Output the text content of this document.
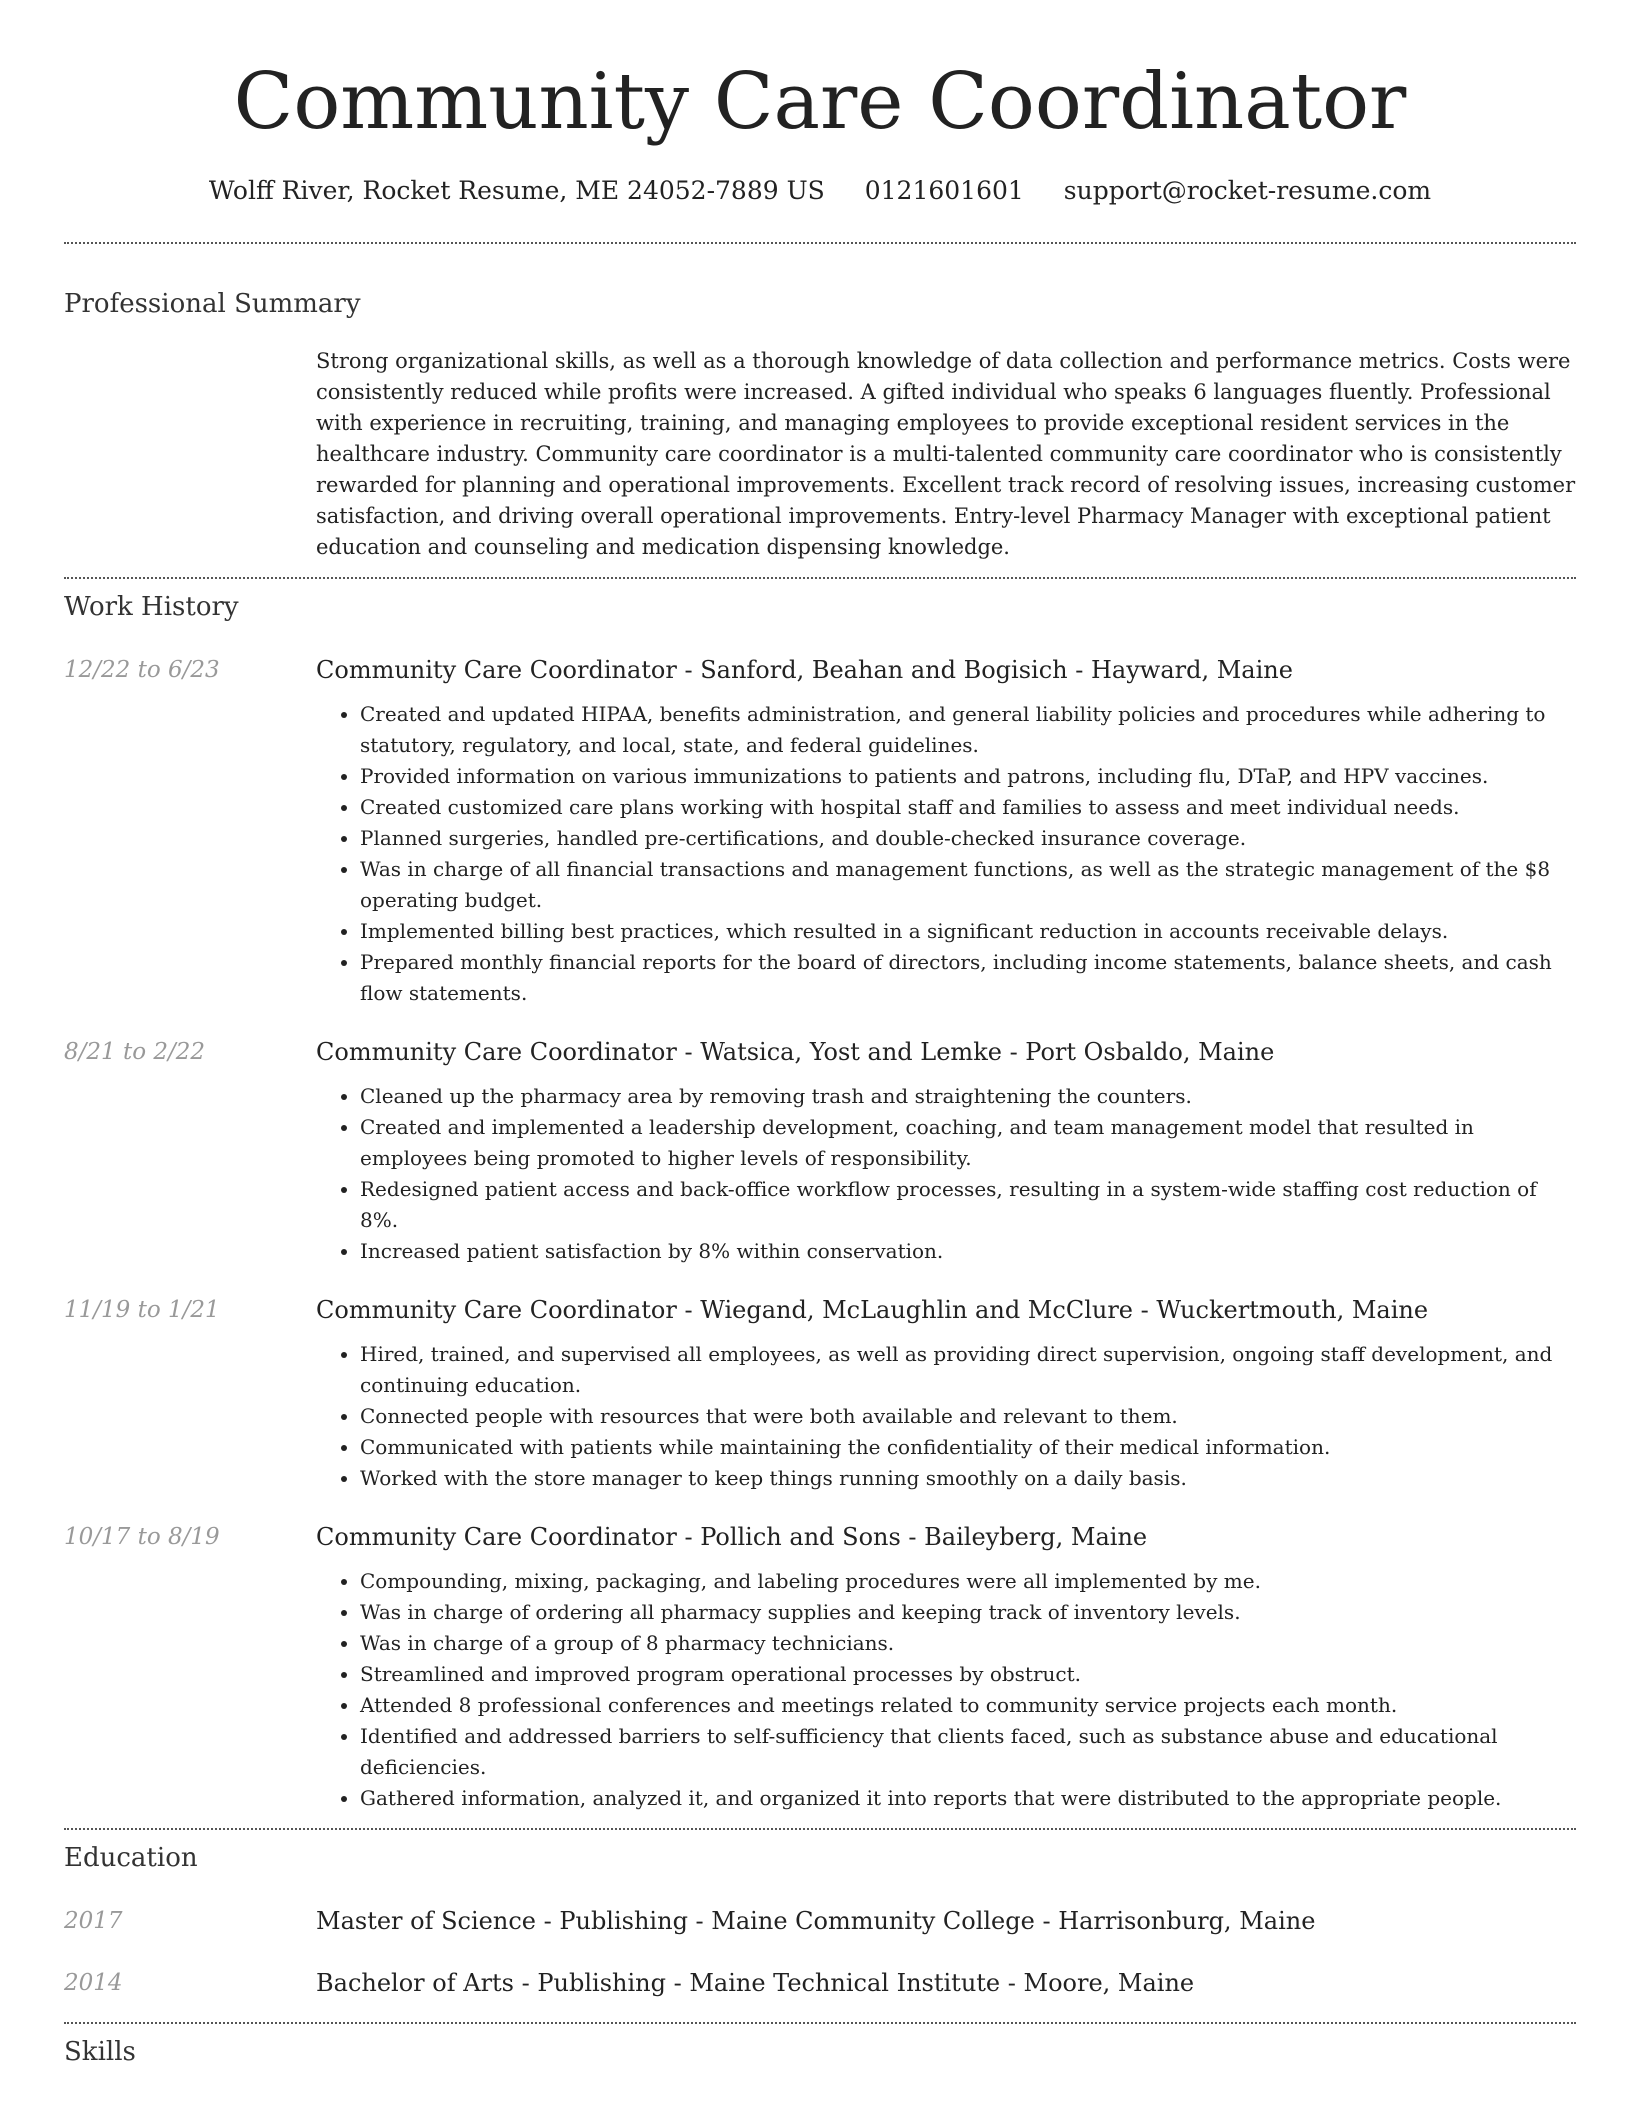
Community Care Coordinator
Wolff River, Rocket Resume, ME 24052-7889 US 0121601601 support@rocket-resume.com
Professional Summary
Strong organizational skills, as well as a thorough knowledge of data collection and performance metrics. Costs were consistently reduced while profits were increased. A gifted individual who speaks 6 languages fluently. Professional with experience in recruiting, training, and managing employees to provide exceptional resident services in the healthcare industry. Community care coordinator is a multi-talented community care coordinator who is consistently rewarded for planning and operational improvements. Excellent track record of resolving issues, increasing customer satisfaction, and driving overall operational improvements. Entry-level Pharmacy Manager with exceptional patient education and counseling and medication dispensing knowledge.
Work History
12/22 to 6/23	Community Care Coordinator - Sanford, Beahan and Bogisich - Hayward, Maine
• Created and updated HIPAA, benefits administration, and general liability policies and procedures while adhering to statutory, regulatory, and local, state, and federal guidelines.
• Provided information on various immunizations to patients and patrons, including flu, DTaP, and HPV vaccines.
• Created customized care plans working with hospital staff and families to assess and meet individual needs.
• Planned surgeries, handled pre-certifications, and double-checked insurance coverage.
• Was in charge of all financial transactions and management functions, as well as the strategic management of the $8 operating budget.
• Implemented billing best practices, which resulted in a significant reduction in accounts receivable delays.
• Prepared monthly financial reports for the board of directors, including income statements, balance sheets, and cash flow statements.
8/21 to 2/22	Community Care Coordinator - Watsica, Yost and Lemke - Port Osbaldo, Maine
• Cleaned up the pharmacy area by removing trash and straightening the counters.
• Created and implemented a leadership development, coaching, and team management model that resulted in employees being promoted to higher levels of responsibility.
• Redesigned patient access and back-office workflow processes, resulting in a system-wide staffing cost reduction of 8%.
• Increased patient satisfaction by 8% within conservation.
11/19 to 1/21	Community Care Coordinator - Wiegand, McLaughlin and McClure - Wuckertmouth, Maine
• Hired, trained, and supervised all employees, as well as providing direct supervision, ongoing staff development, and continuing education.
• Connected people with resources that were both available and relevant to them.
• Communicated with patients while maintaining the confidentiality of their medical information.
• Worked with the store manager to keep things running smoothly on a daily basis.
10/17 to 8/19	Community Care Coordinator - Pollich and Sons - Baileyberg, Maine
• Compounding, mixing, packaging, and labeling procedures were all implemented by me.
• Was in charge of ordering all pharmacy supplies and keeping track of inventory levels.
• Was in charge of a group of 8 pharmacy technicians.
• Streamlined and improved program operational processes by obstruct.
• Attended 8 professional conferences and meetings related to community service projects each month.
• Identified and addressed barriers to self-sufficiency that clients faced, such as substance abuse and educational deficiencies.
• Gathered information, analyzed it, and organized it into reports that were distributed to the appropriate people.
Education
2017	Master of Science - Publishing - Maine Community College - Harrisonburg, Maine
2014	Bachelor of Arts - Publishing - Maine Technical Institute - Moore, Maine
Skills
